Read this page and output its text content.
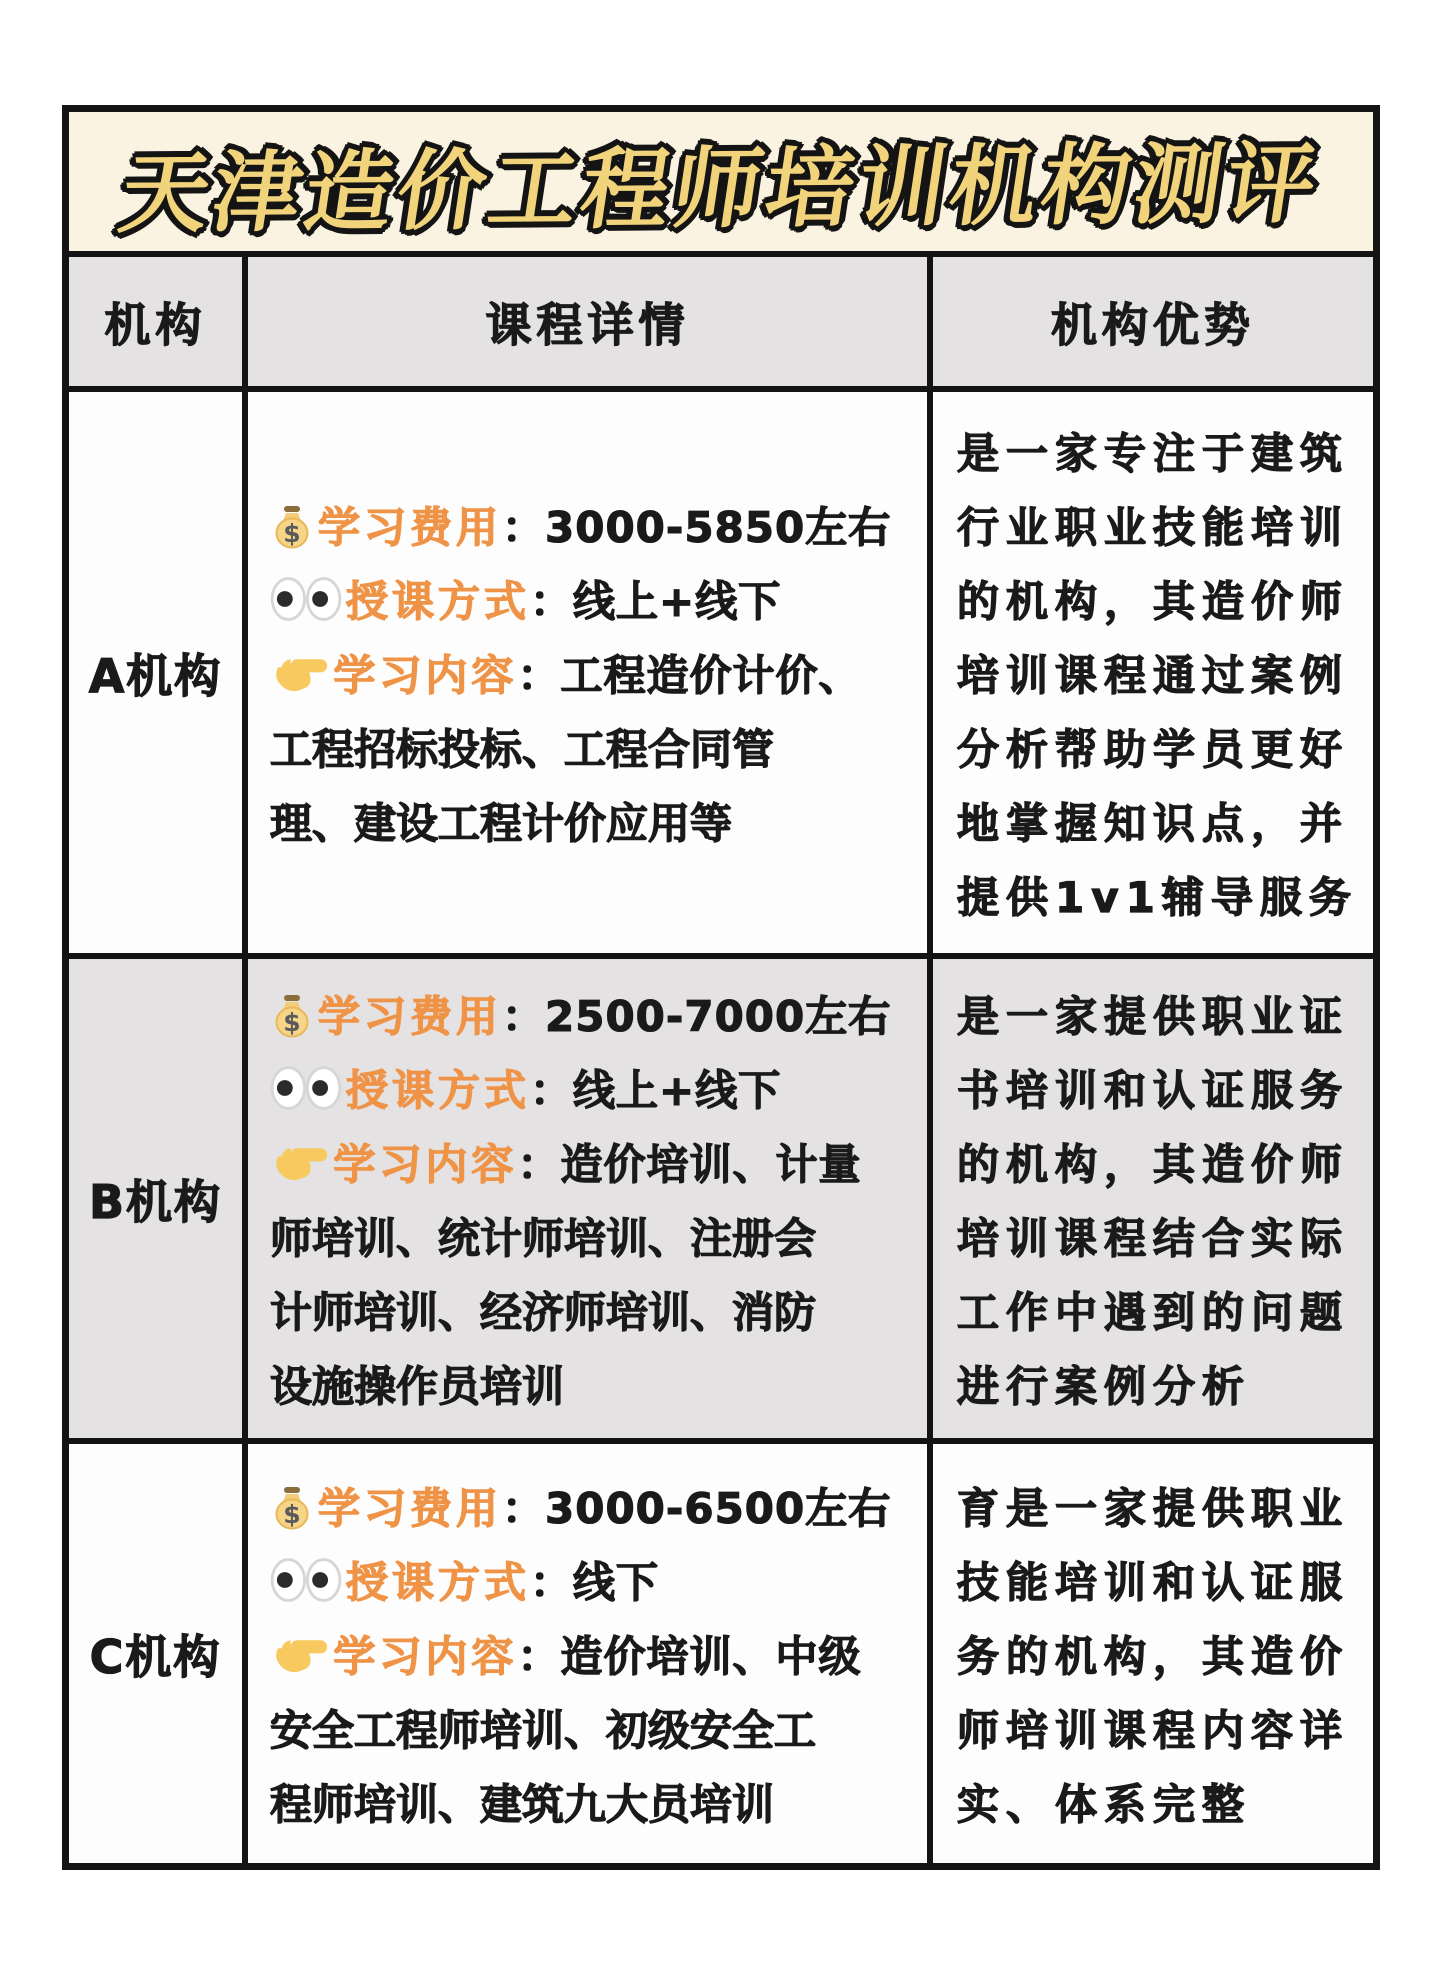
天津造价工程师培训机构测评
机构	课程详情	机构优势
A机构
学习费用 ：3000-5850左右
授课方式 ：线上+线下
学习内容 ：工程造价计价、
工程招标投标、工程合同管
理、建设工程计价应用等
是一家专注于建筑
行业职业技能培训
的机构，其造价师
培训课程通过案例
分析帮助学员更好
地掌握知识点，并
提供1v1辅导服务
B机构
学习费用 ：2500-7000左右
授课方式 ：线上+线下
学习内容 ：造价培训、计量
师培训、统计师培训、注册会
计师培训、经济师培训、消防
设施操作员培训
是一家提供职业证
书培训和认证服务
的机构，其造价师
培训课程结合实际
工作中遇到的问题
进行案例分析
C机构
学习费用 ：3000-6500左右
授课方式 ：线下
学习内容 ：造价培训、中级
安全工程师培训、初级安全工
程师培训、建筑九大员培训
育是一家提供职业
技能培训和认证服
务的机构，其造价
师培训课程内容详
实、体系完整
